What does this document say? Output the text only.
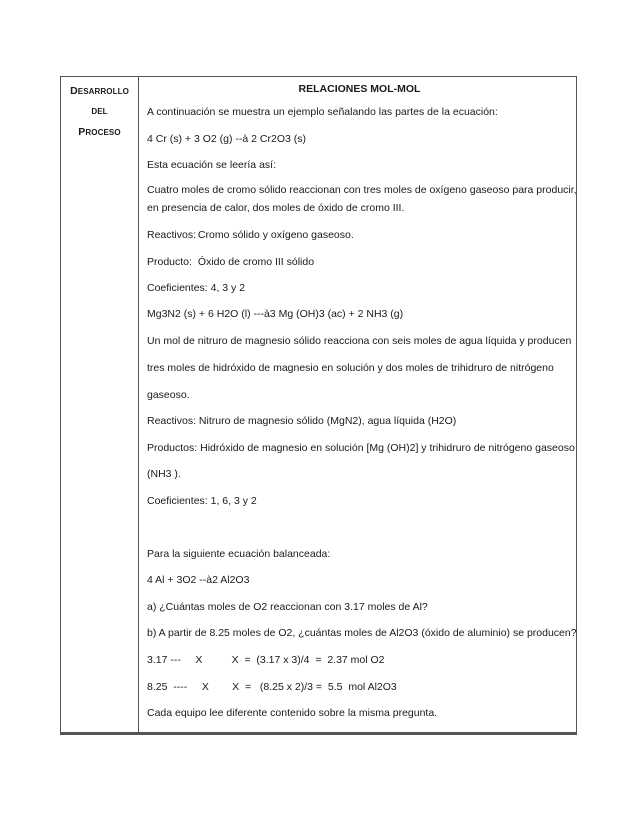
DESARROLLO DEL
PROCESO
RELACIONES MOL-MOL
A continuación se muestra un ejemplo señalando las partes de la ecuación:
4 Cr (s) + 3 O2 (g) --à 2 Cr2O3 (s)
Esta ecuación se leería así:
Cuatro moles de cromo sólido reaccionan con tres moles de oxígeno gaseoso para producir, en presencia de calor, dos moles de óxido de cromo III.
Reactivos: Cromo sólido y oxígeno gaseoso.
Producto: Óxido de cromo III sólido
Coeficientes: 4, 3 y 2
Mg3N2 (s) + 6 H2O (l) ---à3 Mg (OH)3 (ac) + 2 NH3 (g)
Un mol de nitruro de magnesio sólido reacciona con seis moles de agua líquida y producen
tres moles de hidróxido de magnesio en solución y dos moles de trihidruro de nitrógeno
gaseoso.
Reactivos: Nitruro de magnesio sólido (MgN2), agua líquida (H2O)
Productos: Hidróxido de magnesio en solución [Mg (OH)2] y trihidruro de nitrógeno gaseoso
(NH3 ).
Coeficientes: 1, 6, 3 y 2
Para la siguiente ecuación balanceada:
4 Al + 3O2 --à2 Al2O3
a) ¿Cuántas moles de O2 reaccionan con 3.17 moles de Al?
b) A partir de 8.25 moles de O2, ¿cuántas moles de Al2O3 (óxido de aluminio) se producen?
3.17 ---     X          X  =  (3.17 x 3)/4  =  2.37 mol O2
8.25  ----     X        X  =   (8.25 x 2)/3 =  5.5  mol Al2O3
Cada equipo lee diferente contenido sobre la misma pregunta.
